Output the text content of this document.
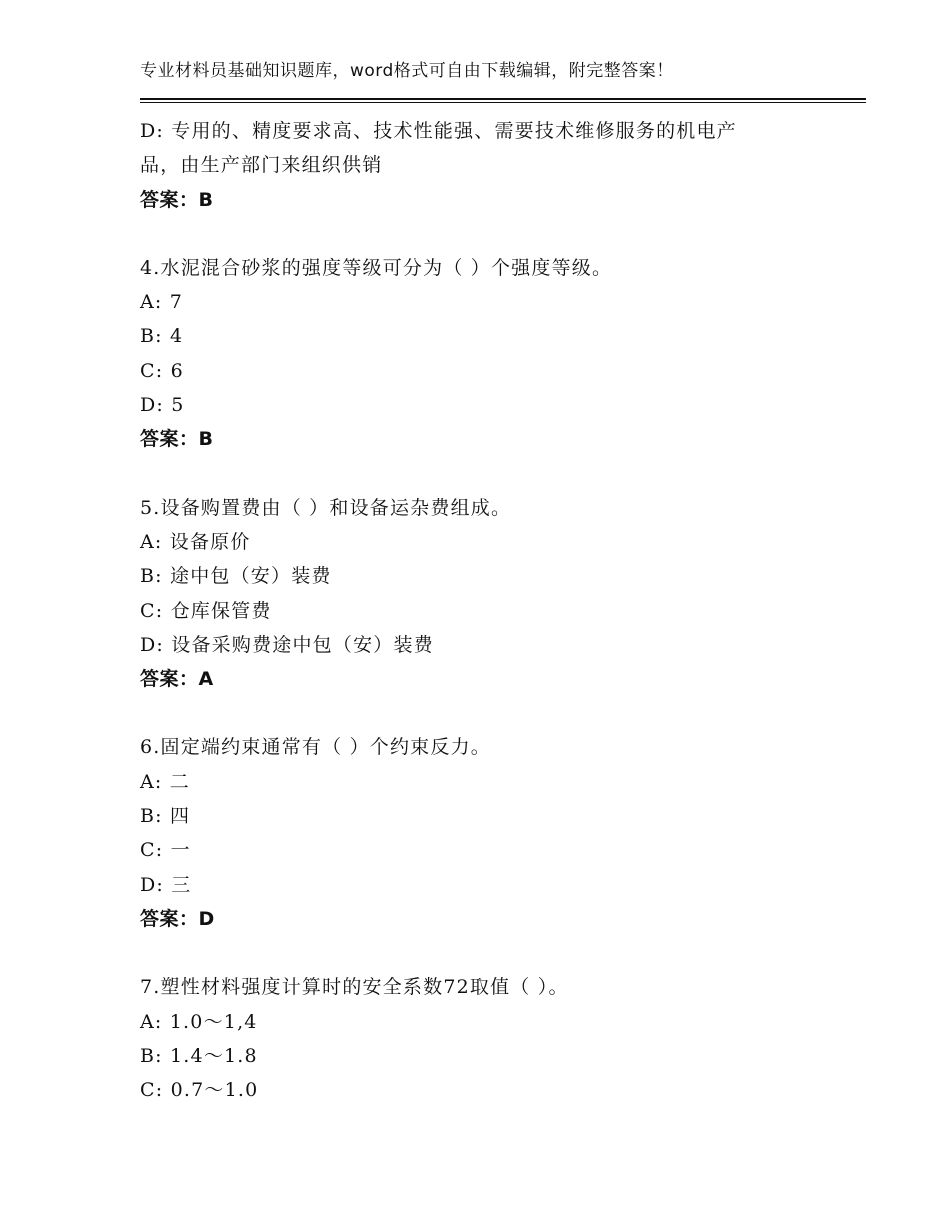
专业材料员基础知识题库，word格式可自由下载编辑，附完整答案！
D: 专用的、精度要求高、技术性能强、需要技术维修服务的机电产
品，由生产部门来组织供销
答案：B
4.水泥混合砂浆的强度等级可分为（ ）个强度等级。
A: 7
B: 4
C: 6
D: 5
答案：B
5.设备购置费由（ ）和设备运杂费组成。
A: 设备原价
B: 途中包（安）装费
C: 仓库保管费
D: 设备采购费途中包（安）装费
答案：A
6.固定端约束通常有（ ）个约束反力。
A: 二
B: 四
C: 一
D: 三
答案：D
7.塑性材料强度计算时的安全系数72取值（ ）。
A: 1.0～1,4
B: 1.4～1.8
C: 0.7～1.0
